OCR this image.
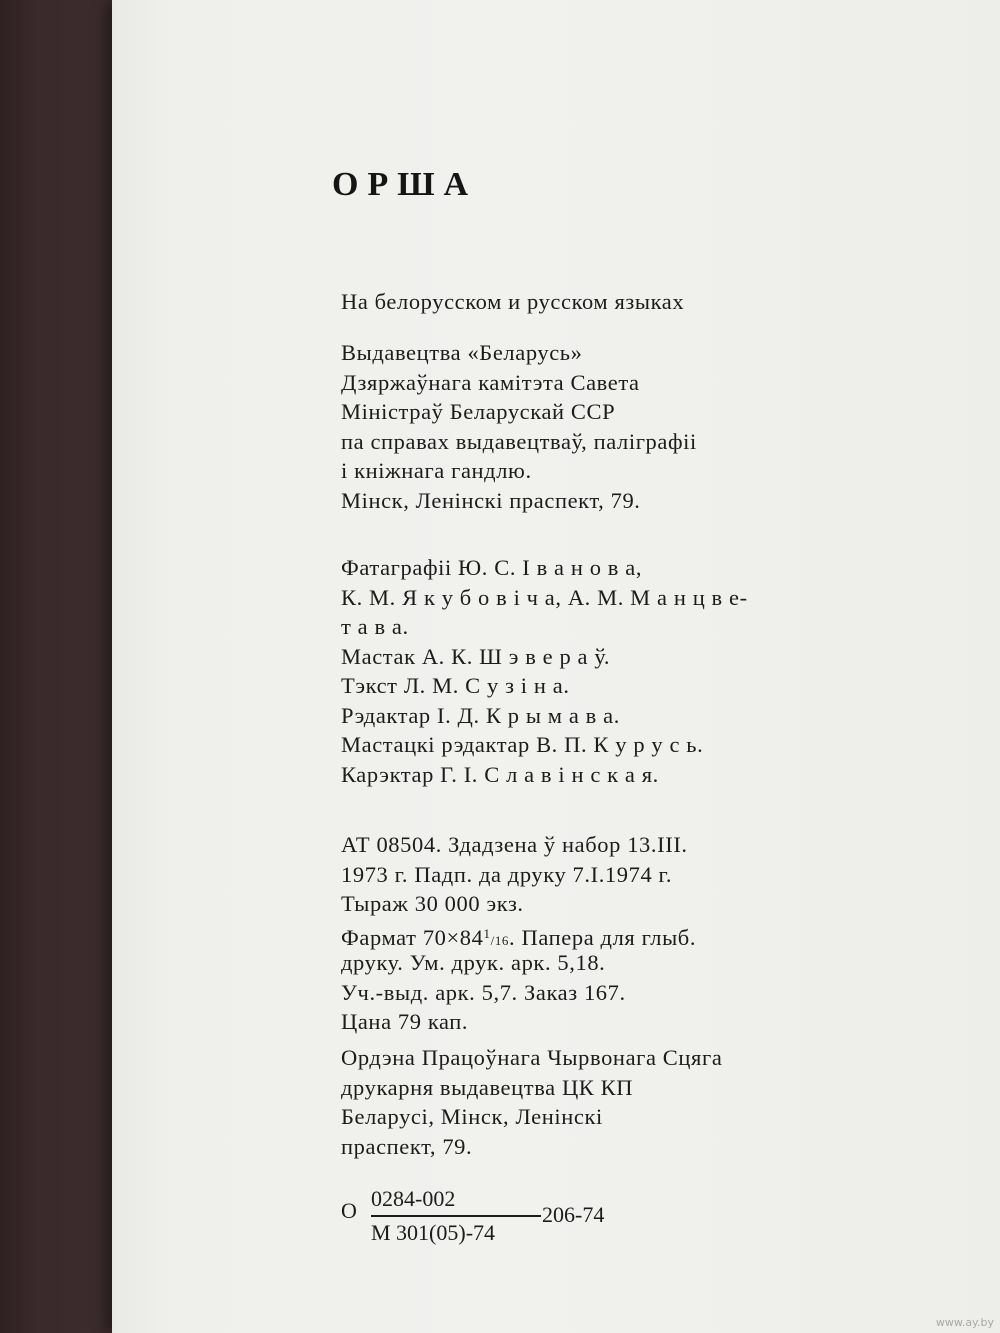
ОРША
На белорусском и русском языках
Выдавецтва «Беларусь»
Дзяржаўнага камітэта Савета
Міністраў Беларускай ССР
па справах выдавецтваў, паліграфіі
і кніжнага гандлю.
Мінск, Ленінскі праспект, 79.
Фатаграфіі Ю. С. І в а н о в а,
К. М. Я к у б о в і ч а, А. М. М а н ц в е-
т а в а.
Мастак А. К. Ш э в е р а ў.
Тэкст Л. М. С у з і н а.
Рэдактар І. Д. К р ы м а в а.
Мастацкі рэдактар В. П. К у р у с ь.
Карэктар Г. І. С л а в і н с к а я.
АТ 08504. Здадзена ў набор 13.III.
1973 г. Падп. да друку 7.I.1974 г.
Тыраж 30 000 экз.
Фармат $70\times 84^1/16$. Папера для глыб.
друку. Ум. друк. арк. 5,18.
Уч.-выд. арк. 5,7. Заказ 167.
Цана 79 кап.
Ордэна Працоўнага Чырвонага Сцяга
друкарня выдавецтва ЦК КП
Беларусі, Мінск, Ленінскі
праспект, 79.
О 0284-002
М 301(05)-74
206-74
www.ay.by
